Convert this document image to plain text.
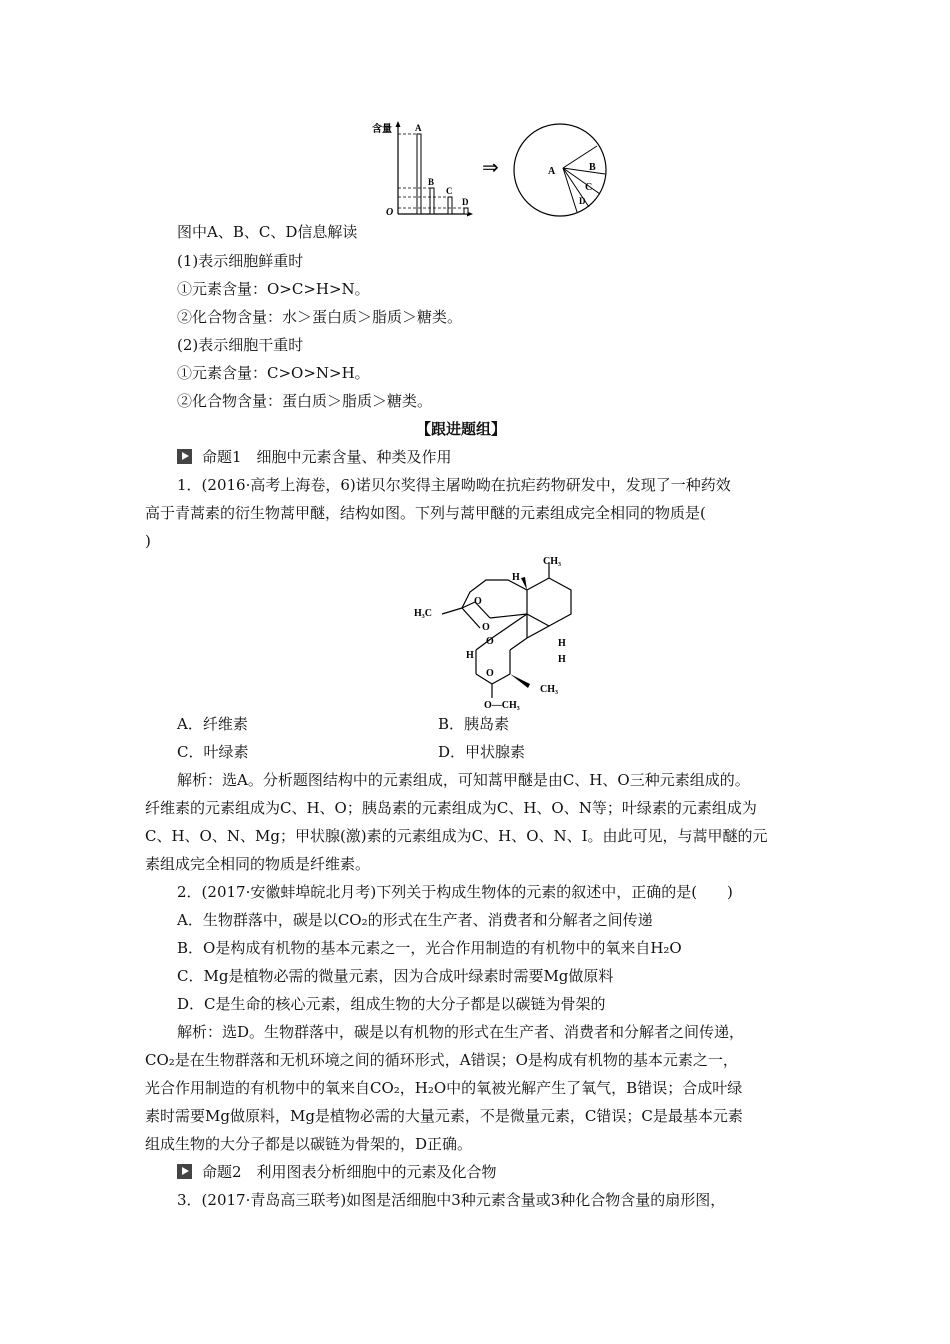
含量
O
A
B
C
D
⇒	A	B
C
D
图中A、B、C、D信息解读
(1)表示细胞鲜重时
①元素含量：O>C>H>N。
②化合物含量：水＞蛋白质＞脂质＞糖类。
(2)表示细胞干重时
①元素含量：C>O>N>H。
②化合物含量：蛋白质＞脂质＞糖类。
【跟进题组】
命题1　细胞中元素含量、种类及作用
1．(2016·高考上海卷，6)诺贝尔奖得主屠呦呦在抗疟药物研发中，发现了一种药效
高于青蒿素的衍生物蒿甲醚，结构如图。下列与蒿甲醚的元素组成完全相同的物质是(
)
CH₃
H
H₃C
O
O
O	H
H	H
O
CH₃
O—CH₃
A．纤维素	B．胰岛素
C．叶绿素	D．甲状腺素
解析：选A。分析题图结构中的元素组成，可知蒿甲醚是由C、H、O三种元素组成的。
纤维素的元素组成为C、H、O；胰岛素的元素组成为C、H、O、N等；叶绿素的元素组成为
C、H、O、N、Mg；甲状腺(激)素的元素组成为C、H、O、N、I。由此可见，与蒿甲醚的元
素组成完全相同的物质是纤维素。
2．(2017·安徽蚌埠皖北月考)下列关于构成生物体的元素的叙述中，正确的是(　　)
A．生物群落中，碳是以CO₂的形式在生产者、消费者和分解者之间传递
B．O是构成有机物的基本元素之一，光合作用制造的有机物中的氧来自H₂O
C．Mg是植物必需的微量元素，因为合成叶绿素时需要Mg做原料
D．C是生命的核心元素，组成生物的大分子都是以碳链为骨架的
解析：选D。生物群落中，碳是以有机物的形式在生产者、消费者和分解者之间传递，
CO₂是在生物群落和无机环境之间的循环形式，A错误；O是构成有机物的基本元素之一，
光合作用制造的有机物中的氧来自CO₂，H₂O中的氧被光解产生了氧气，B错误；合成叶绿
素时需要Mg做原料，Mg是植物必需的大量元素，不是微量元素，C错误；C是最基本元素
组成生物的大分子都是以碳链为骨架的，D正确。
命题2　利用图表分析细胞中的元素及化合物
3．(2017·青岛高三联考)如图是活细胞中3种元素含量或3种化合物含量的扇形图，
